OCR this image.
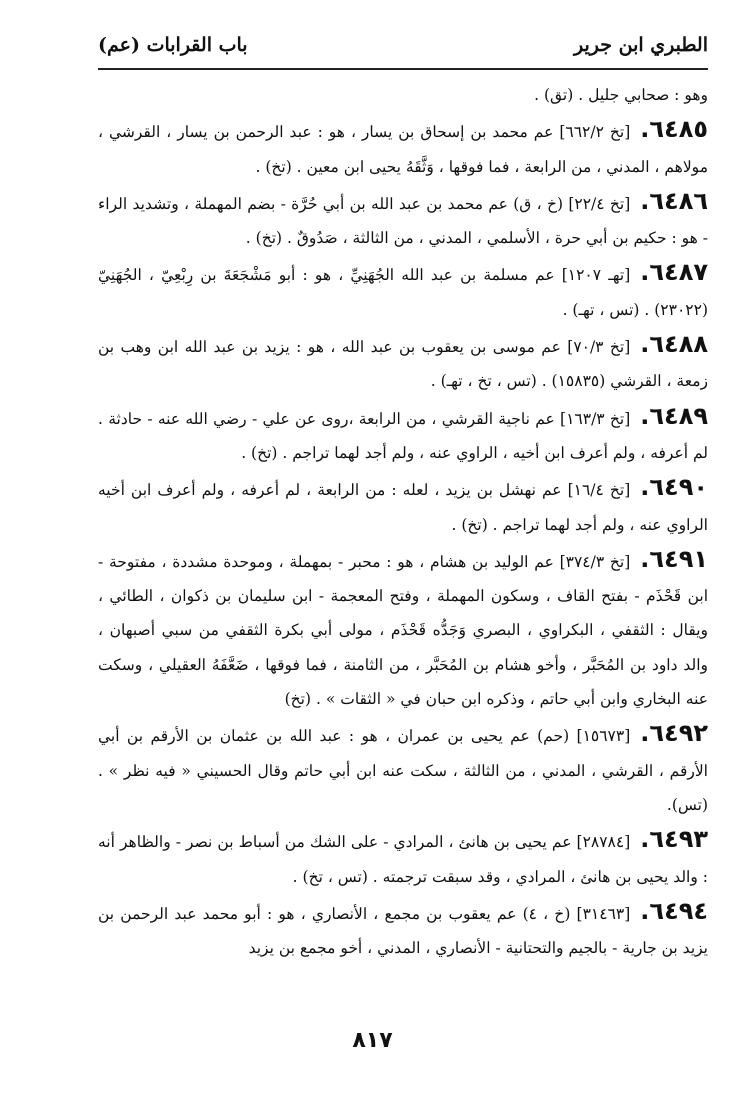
الطبري ابن جرير
باب القرابات (عم)

وهو : صحابي جليل . (تق) .

٦٤٨٥.[تخ ٦٦٢/٢] عم محمد بن إسحاق بن يسار ، هو : عبد الرحمن بن يسار ، القرشي ، مولاهم ، المدني ، من الرابعة ، فما فوقها ، وَثَّقَهُ يحيى ابن معين . (تخ) .

٦٤٨٦.[تخ ٢٢/٤] (خ ، ق) عم محمد بن عبد الله بن أبي حُرَّة - بضم المهملة ، وتشديد الراء - هو : حكيم بن أبي حرة ، الأسلمي ، المدني ، من الثالثة ، صَدُوقٌ . (تخ) .

٦٤٨٧.[تهـ ١٢٠٧] عم مسلمة بن عبد الله الجُهَنِيِّ ، هو : أبو مَشْجَعَةَ بن رِبْعِيّ ، الجُهَنِيّ (٢٣٠٢٢) . (تس ، تهـ) .

٦٤٨٨.[تخ ٧٠/٣] عم موسى بن يعقوب بن عبد الله ، هو : يزيد بن عبد الله ابن وهب بن زمعة ، القرشي (١٥٨٣٥) . (تس ، تخ ، تهـ) .

٦٤٨٩.[تخ ١٦٣/٣] عم ناجية القرشي ، من الرابعة ،روى عن علي - رضي الله عنه - حادثة . لم أعرفه ، ولم أعرف ابن أخيه ، الراوي عنه ، ولم أجد لهما تراجم . (تخ) .

٦٤٩٠.[تخ ١٦/٤] عم نهشل بن يزيد ، لعله : من الرابعة ، لم أعرفه ، ولم أعرف ابن أخيه الراوي عنه ، ولم أجد لهما تراجم . (تخ) .

٦٤٩١.[تخ ٣٧٤/٣] عم الوليد بن هشام ، هو : محبر - بمهملة ، وموحدة مشددة ، مفتوحة - ابن قَحْذَم - بفتح القاف ، وسكون المهملة ، وفتح المعجمة - ابن سليمان بن ذكوان ، الطائي ، ويقال : الثقفي ، البكراوي ، البصري وَجَدُّه قَحْذَم ، مولى أبي بكرة الثقفي من سبي أصبهان ، والد داود بن المُحَبَّر ، وأخو هشام بن المُحَبَّر ، من الثامنة ، فما فوقها ، ضَعَّفَهُ العقيلي ، وسكت عنه البخاري وابن أبي حاتم ، وذكره ابن حبان في « الثقات » . (تخ)

٦٤٩٢.[١٥٦٧٣] (حم) عم يحيى بن عمران ، هو : عبد الله بن عثمان بن الأرقم بن أبي الأرقم ، القرشي ، المدني ، من الثالثة ، سكت عنه ابن أبي حاتم وقال الحسيني « فيه نظر » . (تس).

٦٤٩٣.[٢٨٧٨٤] عم يحيى بن هانئ ، المرادي - على الشك من أسباط بن نصر - والظاهر أنه : والد يحيى بن هانئ ، المرادي ، وقد سبقت ترجمته . (تس ، تخ) .

٦٤٩٤.[٣١٤٦٣] (خ ، ٤) عم يعقوب بن مجمع ، الأنصاري ، هو : أبو محمد عبد الرحمن بن يزيد بن جارية - بالجيم والتحتانية - الأنصاري ، المدني ، أخو مجمع بن يزيد

٨١٧
